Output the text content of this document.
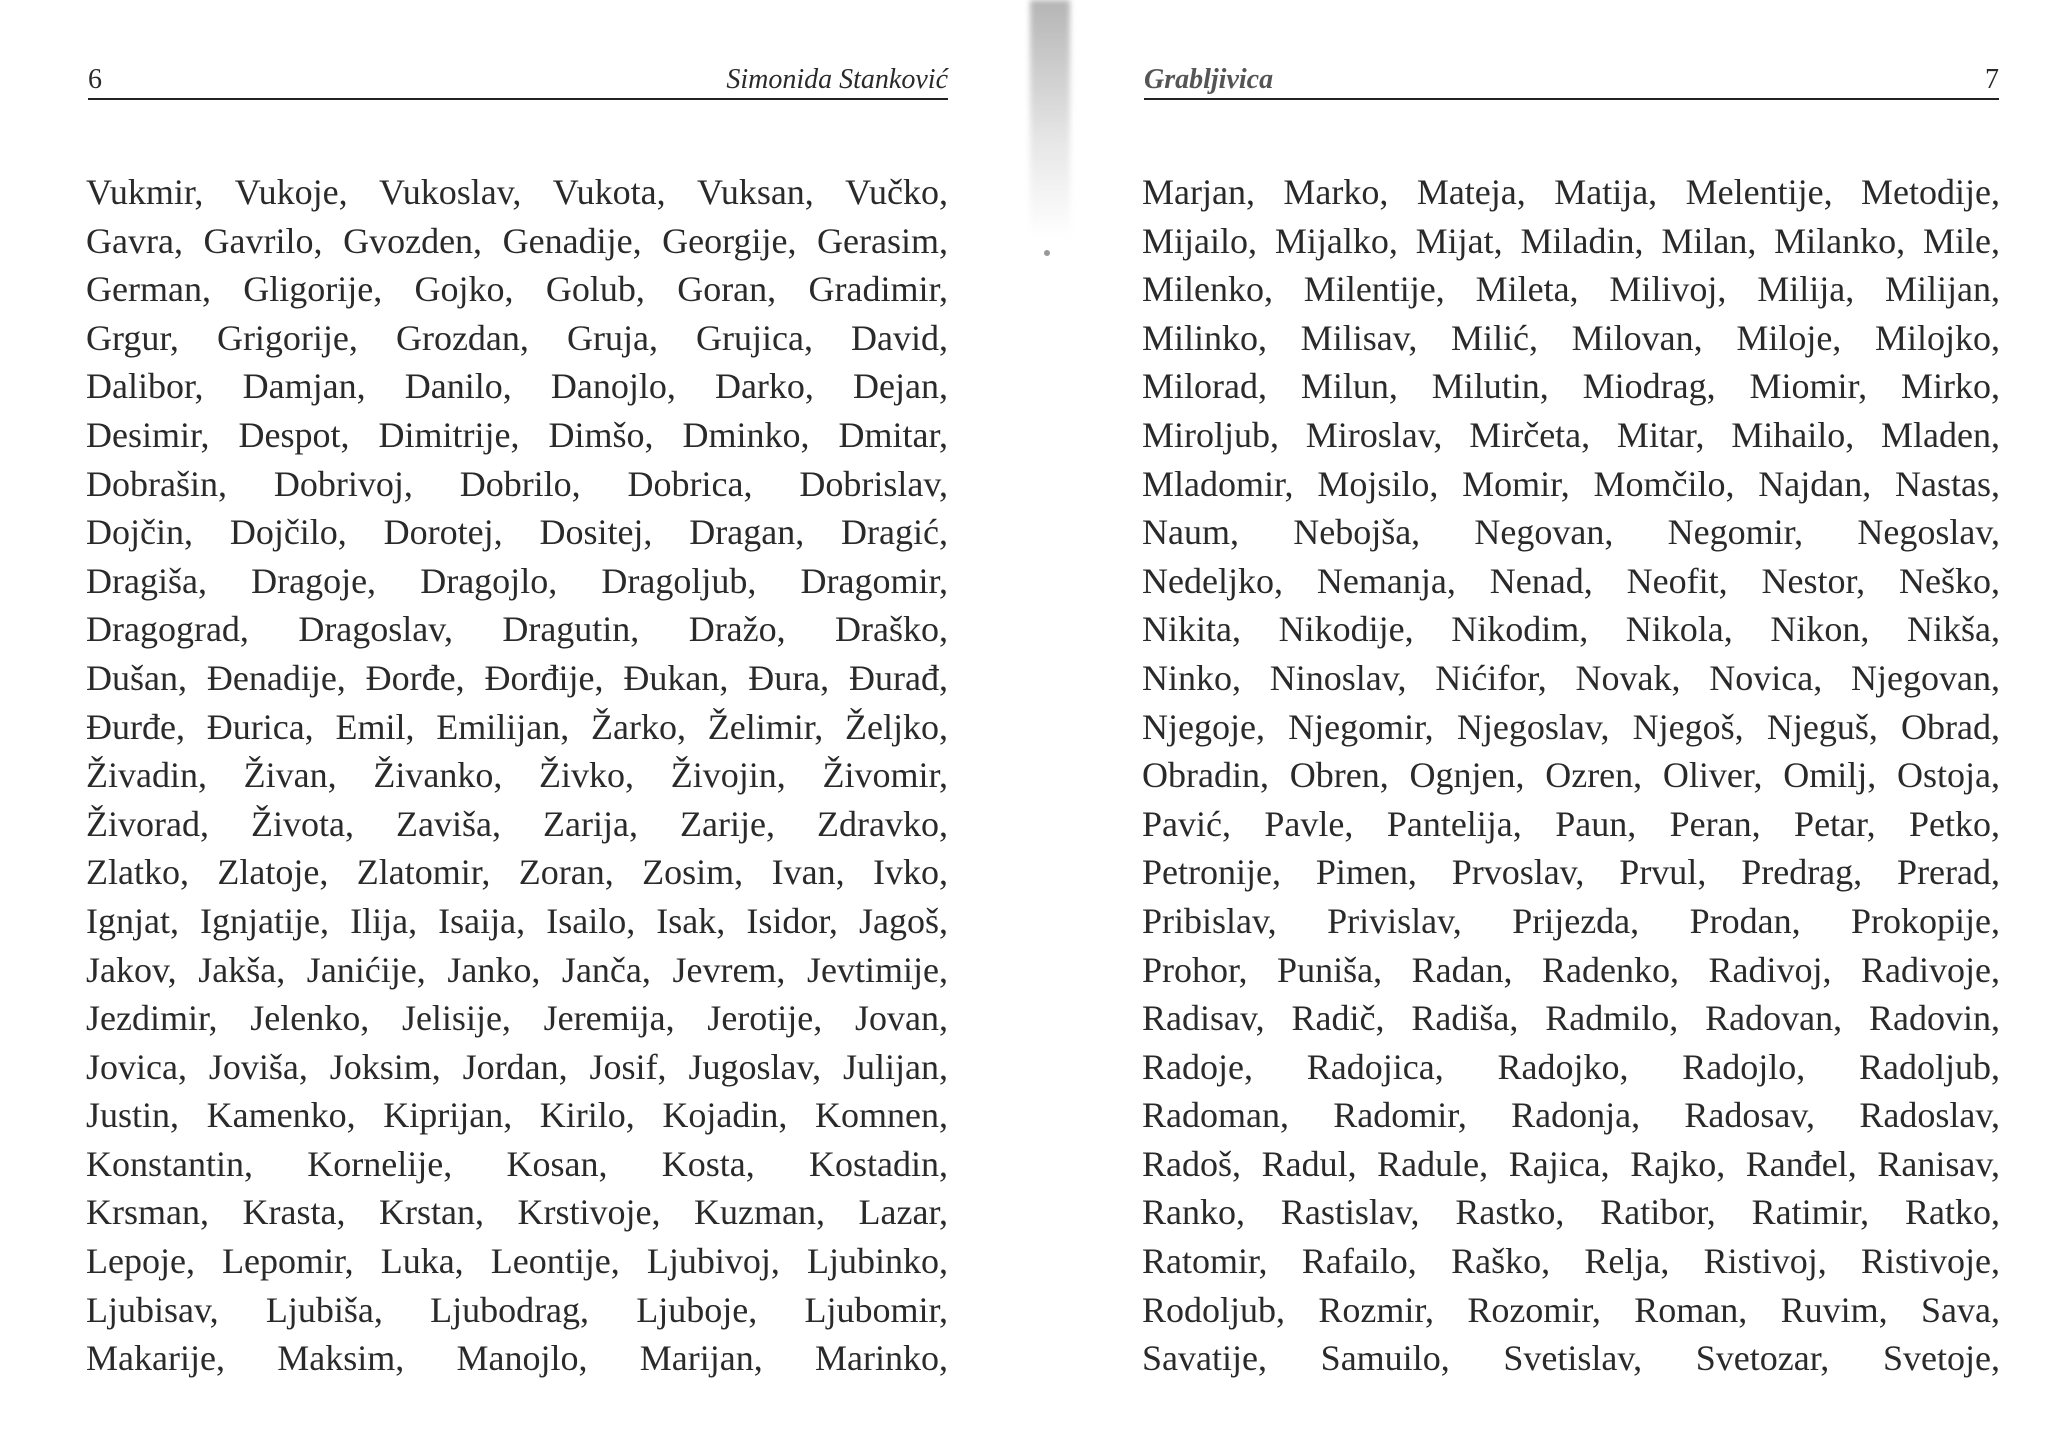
6	Simonida Stanković
Vukmir, Vukoje, Vukoslav, Vukota, Vuksan, Vučko,
Gavra, Gavrilo, Gvozden, Genadije, Georgije, Gerasim,
German, Gligorije, Gojko, Golub, Goran, Gradimir,
Grgur, Grigorije, Grozdan, Gruja, Grujica, David,
Dalibor, Damjan, Danilo, Danojlo, Darko, Dejan,
Desimir, Despot, Dimitrije, Dimšo, Dminko, Dmitar,
Dobrašin, Dobrivoj, Dobrilo, Dobrica, Dobrislav,
Dojčin, Dojčilo, Dorotej, Dositej, Dragan, Dragić,
Dragiša, Dragoje, Dragojlo, Dragoljub, Dragomir,
Dragograd, Dragoslav, Dragutin, Dražo, Draško,
Dušan, Đenadije, Đorđe, Đorđije, Đukan, Đura, Đurađ,
Đurđe, Đurica, Emil, Emilijan, Žarko, Želimir, Željko,
Živadin, Živan, Živanko, Živko, Živojin, Živomir,
Živorad, Života, Zaviša, Zarija, Zarije, Zdravko,
Zlatko, Zlatoje, Zlatomir, Zoran, Zosim, Ivan, Ivko,
Ignjat, Ignjatije, Ilija, Isaija, Isailo, Isak, Isidor, Jagoš,
Jakov, Jakša, Janićije, Janko, Janča, Jevrem, Jevtimije,
Jezdimir, Jelenko, Jelisije, Jeremija, Jerotije, Jovan,
Jovica, Joviša, Joksim, Jordan, Josif, Jugoslav, Julijan,
Justin, Kamenko, Kiprijan, Kirilo, Kojadin, Komnen,
Konstantin, Kornelije, Kosan, Kosta, Kostadin,
Krsman, Krasta, Krstan, Krstivoje, Kuzman, Lazar,
Lepoje, Lepomir, Luka, Leontije, Ljubivoj, Ljubinko,
Ljubisav, Ljubiša, Ljubodrag, Ljuboje, Ljubomir,
Makarije, Maksim, Manojlo, Marijan, Marinko,
Grabljivica	7
Marjan, Marko, Mateja, Matija, Melentije, Metodije,
Mijailo, Mijalko, Mijat, Miladin, Milan, Milanko, Mile,
Milenko, Milentije, Mileta, Milivoj, Milija, Milijan,
Milinko, Milisav, Milić, Milovan, Miloje, Milojko,
Milorad, Milun, Milutin, Miodrag, Miomir, Mirko,
Miroljub, Miroslav, Mirčeta, Mitar, Mihailo, Mladen,
Mladomir, Mojsilo, Momir, Momčilo, Najdan, Nastas,
Naum, Nebojša, Negovan, Negomir, Negoslav,
Nedeljko, Nemanja, Nenad, Neofit, Nestor, Neško,
Nikita, Nikodije, Nikodim, Nikola, Nikon, Nikša,
Ninko, Ninoslav, Nićifor, Novak, Novica, Njegovan,
Njegoje, Njegomir, Njegoslav, Njegoš, Njeguš, Obrad,
Obradin, Obren, Ognjen, Ozren, Oliver, Omilj, Ostoja,
Pavić, Pavle, Pantelija, Paun, Peran, Petar, Petko,
Petronije, Pimen, Prvoslav, Prvul, Predrag, Prerad,
Pribislav, Privislav, Prijezda, Prodan, Prokopije,
Prohor, Puniša, Radan, Radenko, Radivoj, Radivoje,
Radisav, Radič, Radiša, Radmilo, Radovan, Radovin,
Radoje, Radojica, Radojko, Radojlo, Radoljub,
Radoman, Radomir, Radonja, Radosav, Radoslav,
Radoš, Radul, Radule, Rajica, Rajko, Ranđel, Ranisav,
Ranko, Rastislav, Rastko, Ratibor, Ratimir, Ratko,
Ratomir, Rafailo, Raško, Relja, Ristivoj, Ristivoje,
Rodoljub, Rozmir, Rozomir, Roman, Ruvim, Sava,
Savatije, Samuilo, Svetislav, Svetozar, Svetoje,
